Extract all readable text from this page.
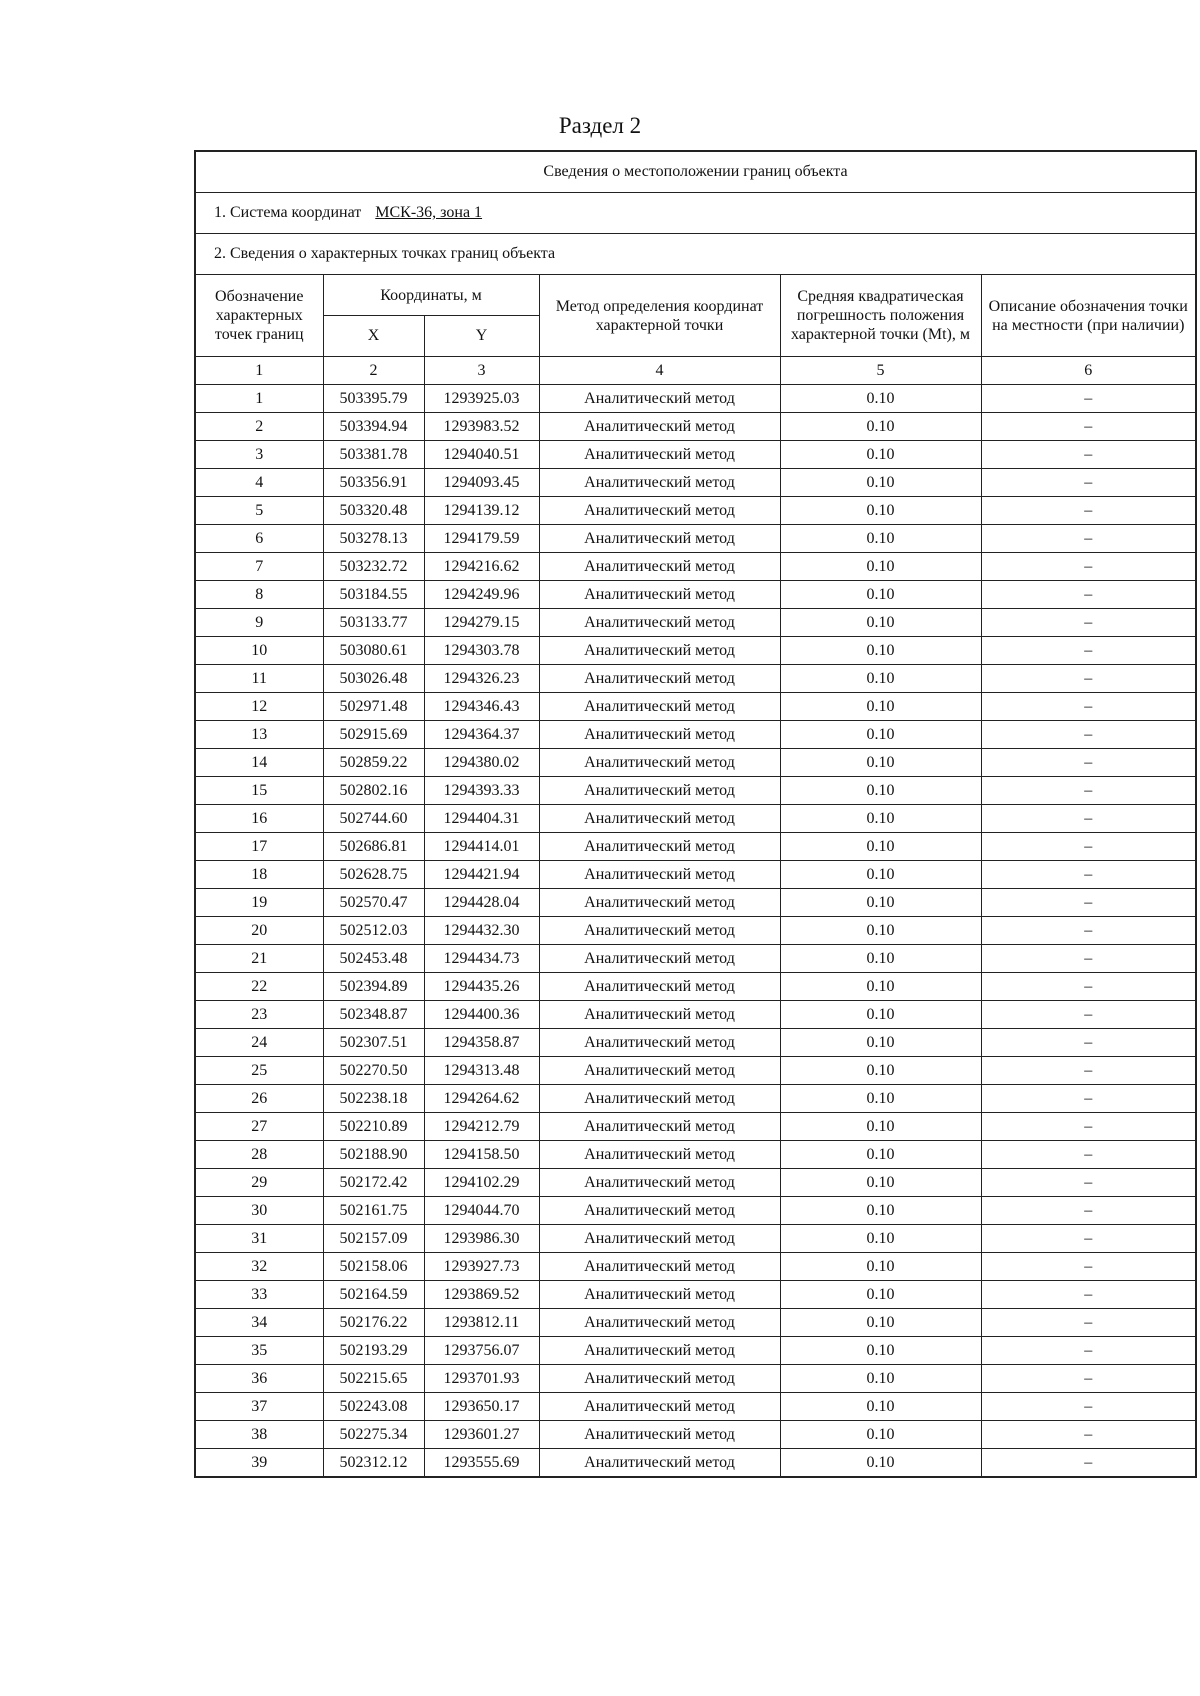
Раздел 2
Сведения о местоположении границ объекта					
1. Система координат МСК-36, зона 1					
2. Сведения о характерных точках границ объекта					
Обозначение характерных точек границ	Координаты, м		Метод определения координат характерной точки	Средняя квадратическая погрешность положения характерной точки (Mt), м	Описание обозначения точки на местности (при наличии)
	X	Y			
1	2	3	4	5	6
1	503395.79	1293925.03	Аналитический метод	0.10	–
2	503394.94	1293983.52	Аналитический метод	0.10	–
3	503381.78	1294040.51	Аналитический метод	0.10	–
4	503356.91	1294093.45	Аналитический метод	0.10	–
5	503320.48	1294139.12	Аналитический метод	0.10	–
6	503278.13	1294179.59	Аналитический метод	0.10	–
7	503232.72	1294216.62	Аналитический метод	0.10	–
8	503184.55	1294249.96	Аналитический метод	0.10	–
9	503133.77	1294279.15	Аналитический метод	0.10	–
10	503080.61	1294303.78	Аналитический метод	0.10	–
11	503026.48	1294326.23	Аналитический метод	0.10	–
12	502971.48	1294346.43	Аналитический метод	0.10	–
13	502915.69	1294364.37	Аналитический метод	0.10	–
14	502859.22	1294380.02	Аналитический метод	0.10	–
15	502802.16	1294393.33	Аналитический метод	0.10	–
16	502744.60	1294404.31	Аналитический метод	0.10	–
17	502686.81	1294414.01	Аналитический метод	0.10	–
18	502628.75	1294421.94	Аналитический метод	0.10	–
19	502570.47	1294428.04	Аналитический метод	0.10	–
20	502512.03	1294432.30	Аналитический метод	0.10	–
21	502453.48	1294434.73	Аналитический метод	0.10	–
22	502394.89	1294435.26	Аналитический метод	0.10	–
23	502348.87	1294400.36	Аналитический метод	0.10	–
24	502307.51	1294358.87	Аналитический метод	0.10	–
25	502270.50	1294313.48	Аналитический метод	0.10	–
26	502238.18	1294264.62	Аналитический метод	0.10	–
27	502210.89	1294212.79	Аналитический метод	0.10	–
28	502188.90	1294158.50	Аналитический метод	0.10	–
29	502172.42	1294102.29	Аналитический метод	0.10	–
30	502161.75	1294044.70	Аналитический метод	0.10	–
31	502157.09	1293986.30	Аналитический метод	0.10	–
32	502158.06	1293927.73	Аналитический метод	0.10	–
33	502164.59	1293869.52	Аналитический метод	0.10	–
34	502176.22	1293812.11	Аналитический метод	0.10	–
35	502193.29	1293756.07	Аналитический метод	0.10	–
36	502215.65	1293701.93	Аналитический метод	0.10	–
37	502243.08	1293650.17	Аналитический метод	0.10	–
38	502275.34	1293601.27	Аналитический метод	0.10	–
39	502312.12	1293555.69	Аналитический метод	0.10	–
